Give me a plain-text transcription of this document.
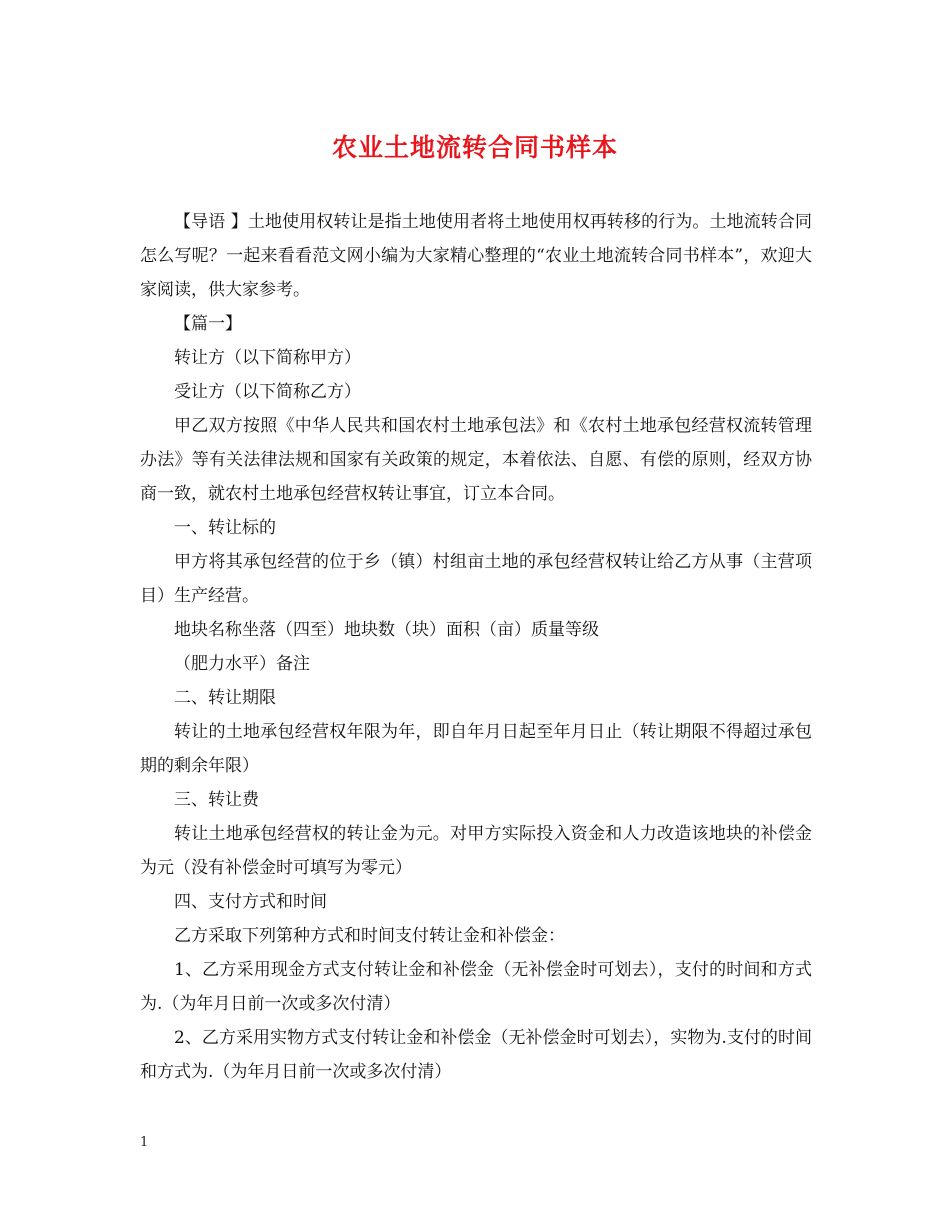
农业土地流转合同书样本

【导语 】土地使用权转让是指土地使用者将土地使用权再转移的行为。土地流转合同怎么写呢？一起来看看范文网小编为大家精心整理的“农业土地流转合同书样本”，欢迎大家阅读，供大家参考。

【篇一】

转让方（以下简称甲方）

受让方（以下简称乙方）

甲乙双方按照《中华人民共和国农村土地承包法》和《农村土地承包经营权流转管理办法》等有关法律法规和国家有关政策的规定，本着依法、自愿、有偿的原则，经双方协商一致，就农村土地承包经营权转让事宜，订立本合同。

一、转让标的

甲方将其承包经营的位于乡（镇）村组亩土地的承包经营权转让给乙方从事（主营项目）生产经营。

地块名称坐落（四至）地块数（块）面积（亩）质量等级

（肥力水平）备注

二、转让期限

转让的土地承包经营权年限为年，即自年月日起至年月日止（转让期限不得超过承包期的剩余年限）

三、转让费

转让土地承包经营权的转让金为元。对甲方实际投入资金和人力改造该地块的补偿金为元（没有补偿金时可填写为零元）

四、支付方式和时间

乙方采取下列第种方式和时间支付转让金和补偿金：

1、乙方采用现金方式支付转让金和补偿金（无补偿金时可划去），支付的时间和方式为.（为年月日前一次或多次付清）

2、乙方采用实物方式支付转让金和补偿金（无补偿金时可划去），实物为.支付的时间和方式为.（为年月日前一次或多次付清）

1
